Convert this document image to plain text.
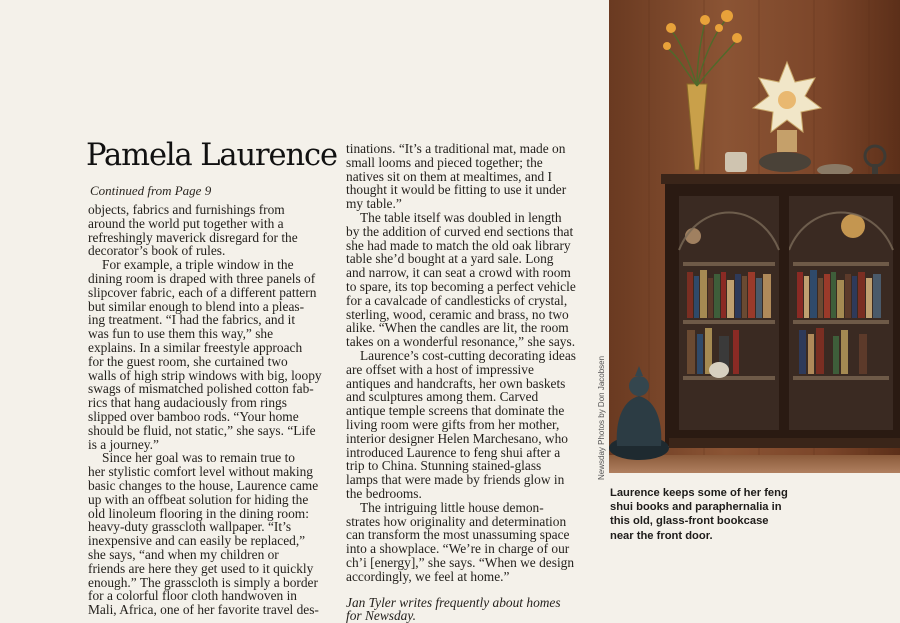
Pamela Laurence
Continued from Page 9
objects, fabrics and furnishings from
around the world put together with a
refreshingly maverick disregard for the
decorator’s book of rules.
For example, a triple window in the
dining room is draped with three panels of
slipcover fabric, each of a different pattern
but similar enough to blend into a pleas-
ing treatment. “I had the fabrics, and it
was fun to use them this way,” she
explains. In a similar freestyle approach
for the guest room, she curtained two
walls of high strip windows with big, loopy
swags of mismatched polished cotton fab-
rics that hang audaciously from rings
slipped over bamboo rods. “Your home
should be fluid, not static,” she says. “Life
is a journey.”
Since her goal was to remain true to
her stylistic comfort level without making
basic changes to the house, Laurence came
up with an offbeat solution for hiding the
old linoleum flooring in the dining room:
heavy-duty grasscloth wallpaper. “It’s
inexpensive and can easily be replaced,”
she says, “and when my children or
friends are here they get used to it quickly
enough.” The grasscloth is simply a border
for a colorful floor cloth handwoven in
Mali, Africa, one of her favorite travel des-
tinations. “It’s a traditional mat, made on
small looms and pieced together; the
natives sit on them at mealtimes, and I
thought it would be fitting to use it under
my table.”
The table itself was doubled in length
by the addition of curved end sections that
she had made to match the old oak library
table she’d bought at a yard sale. Long
and narrow, it can seat a crowd with room
to spare, its top becoming a perfect vehicle
for a cavalcade of candlesticks of crystal,
sterling, wood, ceramic and brass, no two
alike. “When the candles are lit, the room
takes on a wonderful resonance,” she says.
Laurence’s cost-cutting decorating ideas
are offset with a host of impressive
antiques and handcrafts, her own baskets
and sculptures among them. Carved
antique temple screens that dominate the
living room were gifts from her mother,
interior designer Helen Marchesano, who
introduced Laurence to feng shui after a
trip to China. Stunning stained-glass
lamps that were made by friends glow in
the bedrooms.
The intriguing little house demon-
strates how originality and determination
can transform the most unassuming space
into a showplace. “We’re in charge of our
ch’i [energy],” she says. “When we design
accordingly, we feel at home.”
Jan Tyler writes frequently about homes
for Newsday.
Newsday Photos by Don Jacobsen
Laurence keeps some of her feng
shui books and paraphernalia in
this old, glass-front bookcase
near the front door.
